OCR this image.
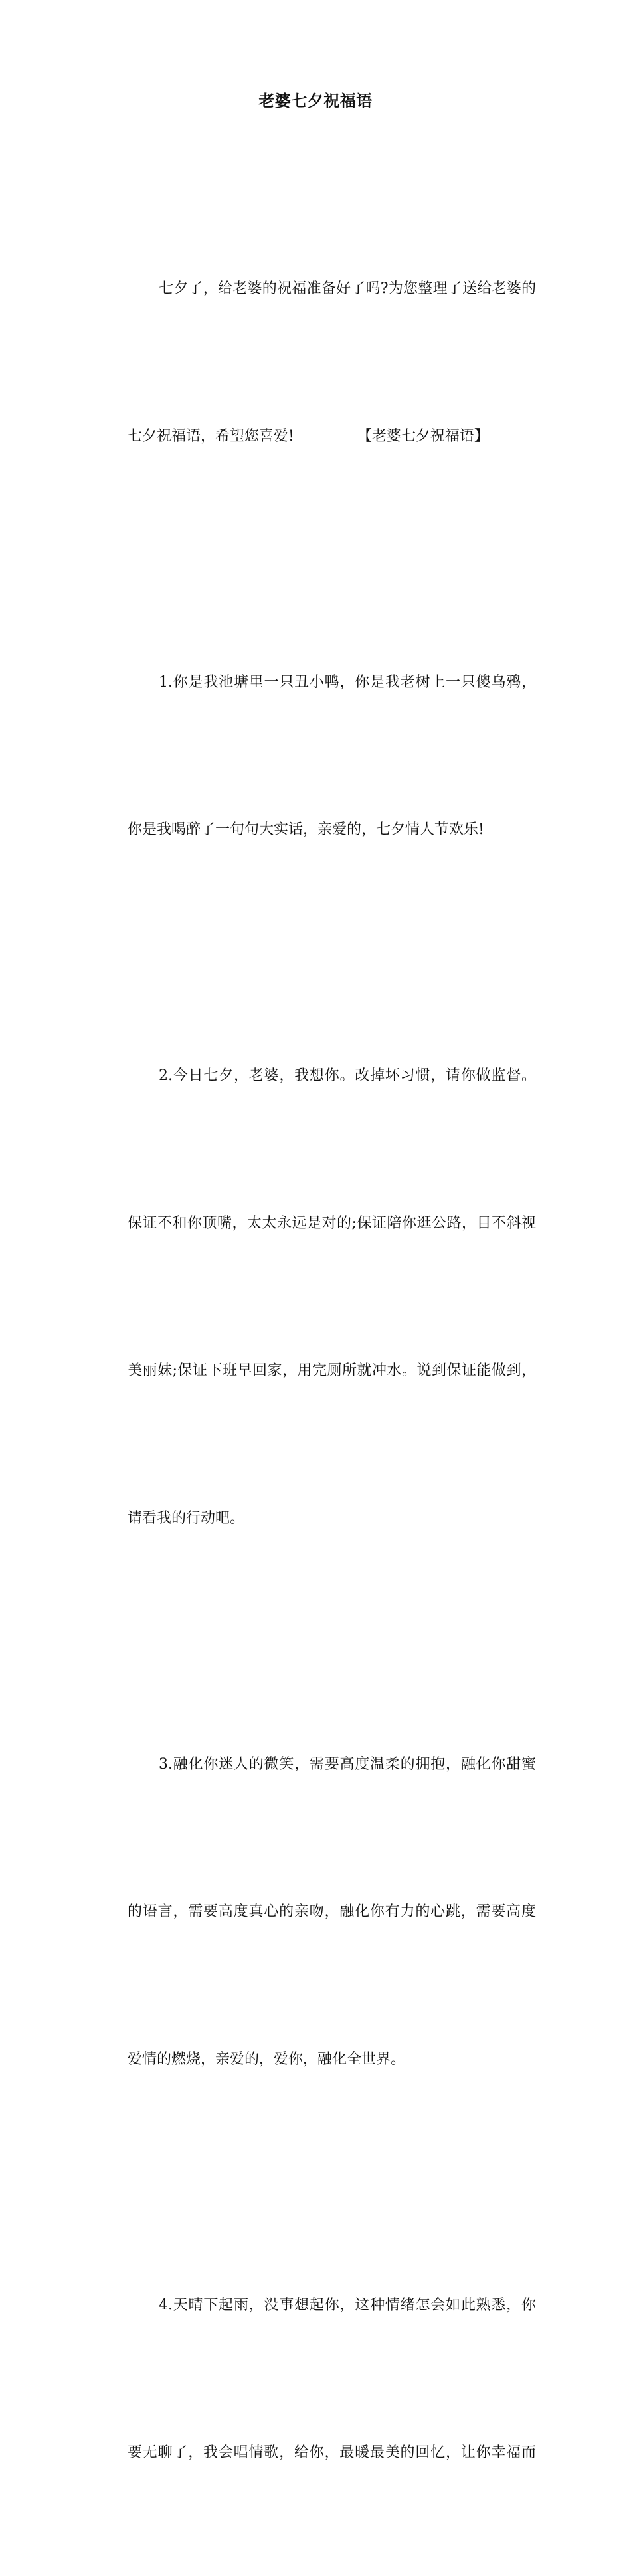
老婆七夕祝福语

七夕了，给老婆的祝福准备好了吗?为您整理了送给老婆的

七夕祝福语，希望您喜爱!	【老婆七夕祝福语】

1.你是我池塘里一只丑小鸭，你是我老树上一只傻乌鸦，

你是我喝醉了一句句大实话，亲爱的，七夕情人节欢乐!

2.今日七夕，老婆，我想你。改掉坏习惯，请你做监督。

保证不和你顶嘴，太太永远是对的;保证陪你逛公路，目不斜视

美丽妹;保证下班早回家，用完厕所就冲水。说到保证能做到，

请看我的行动吧。

3.融化你迷人的微笑，需要高度温柔的拥抱，融化你甜蜜

的语言，需要高度真心的亲吻，融化你有力的心跳，需要高度

爱情的燃烧，亲爱的，爱你，融化全世界。

4.天晴下起雨，没事想起你，这种情绪怎会如此熟悉，你

要无聊了，我会唱情歌，给你，最暖最美的回忆，让你幸福而
